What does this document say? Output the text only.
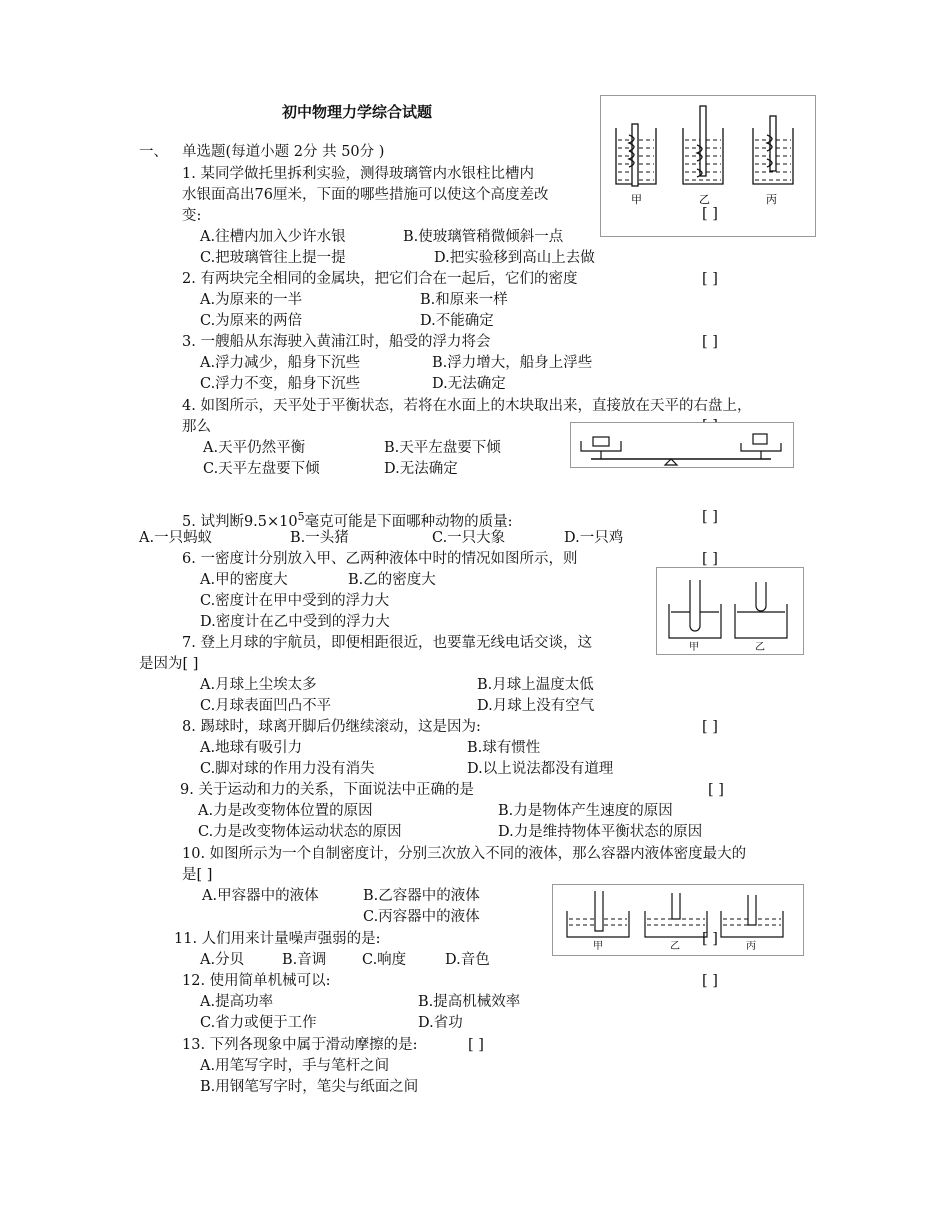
初中物理力学综合试题
一、 单选题(每道小题 2分 共 50分 )
甲	乙	丙
1. 某同学做托里拆利实验，测得玻璃管内水银柱比槽内
水银面高出76厘米，下面的哪些措施可以使这个高度差改
变:	[ ]
A.往槽内加入少许水银	B.使玻璃管稍微倾斜一点
C.把玻璃管往上提一提	D.把实验移到高山上去做
2. 有两块完全相同的金属块，把它们合在一起后，它们的密度	[ ]
A.为原来的一半	B.和原来一样
C.为原来的两倍	D.不能确定
3. 一艘船从东海驶入黄浦江时，船受的浮力将会	[ ]
A.浮力减少，船身下沉些	B.浮力增大，船身上浮些
C.浮力不变，船身下沉些	D.无法确定
4. 如图所示，天平处于平衡状态，若将在水面上的木块取出来，直接放在天平的右盘上，
那么
A.天平仍然平衡	B.天平左盘要下倾
C.天平左盘要下倾	D.无法确定
5. 试判断$9.5\times 10^5$毫克可能是下面哪种动物的质量:	[ ]
A.一只蚂蚁	B.一头猪	C.一只大象	D.一只鸡
6. 一密度计分别放入甲、乙两种液体中时的情况如图所示，则	[ ]
A.甲的密度大	B.乙的密度大
C.密度计在甲中受到的浮力大
D.密度计在乙中受到的浮力大
甲	乙
7. 登上月球的宇航员，即便相距很近，也要靠无线电话交谈，这
是因为[ ]
A.月球上尘埃太多	B.月球上温度太低
C.月球表面凹凸不平	D.月球上没有空气
8. 踢球时，球离开脚后仍继续滚动，这是因为:	[ ]
A.地球有吸引力	B.球有惯性
C.脚对球的作用力没有消失	D.以上说法都没有道理
9. 关于运动和力的关系，下面说法中正确的是	[ ]
A.力是改变物体位置的原因	B.力是物体产生速度的原因
C.力是改变物体运动状态的原因	D.力是维持物体平衡状态的原因
10. 如图所示为一个自制密度计，分别三次放入不同的液体，那么容器内液体密度最大的
是[ ]
A.甲容器中的液体	B.乙容器中的液体
C.丙容器中的液体
甲	乙	丙
11. 人们用来计量噪声强弱的是:	[ ]
A.分贝	B.音调 C.响度	D.音色
12. 使用简单机械可以:	[ ]
A.提高功率	B.提高机械效率
C.省力或便于工作	D.省功
13. 下列各现象中属于滑动摩擦的是:	[ ]
A.用笔写字时，手与笔杆之间
B.用钢笔写字时，笔尖与纸面之间
